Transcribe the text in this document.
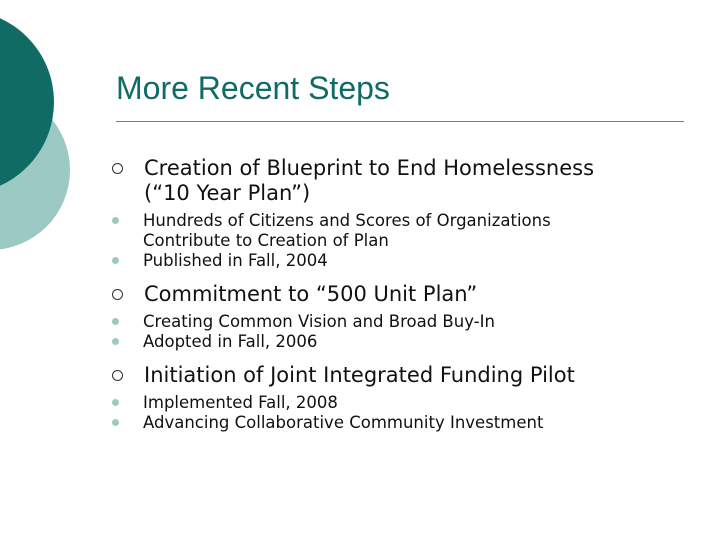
More Recent Steps
Creation of Blueprint to End Homelessness
(“10 Year Plan”)
Hundreds of Citizens and Scores of Organizations
Contribute to Creation of Plan
Published in Fall, 2004
Commitment to “500 Unit Plan”
Creating Common Vision and Broad Buy-In
Adopted in Fall, 2006
Initiation of Joint Integrated Funding Pilot
Implemented Fall, 2008
Advancing Collaborative Community Investment
